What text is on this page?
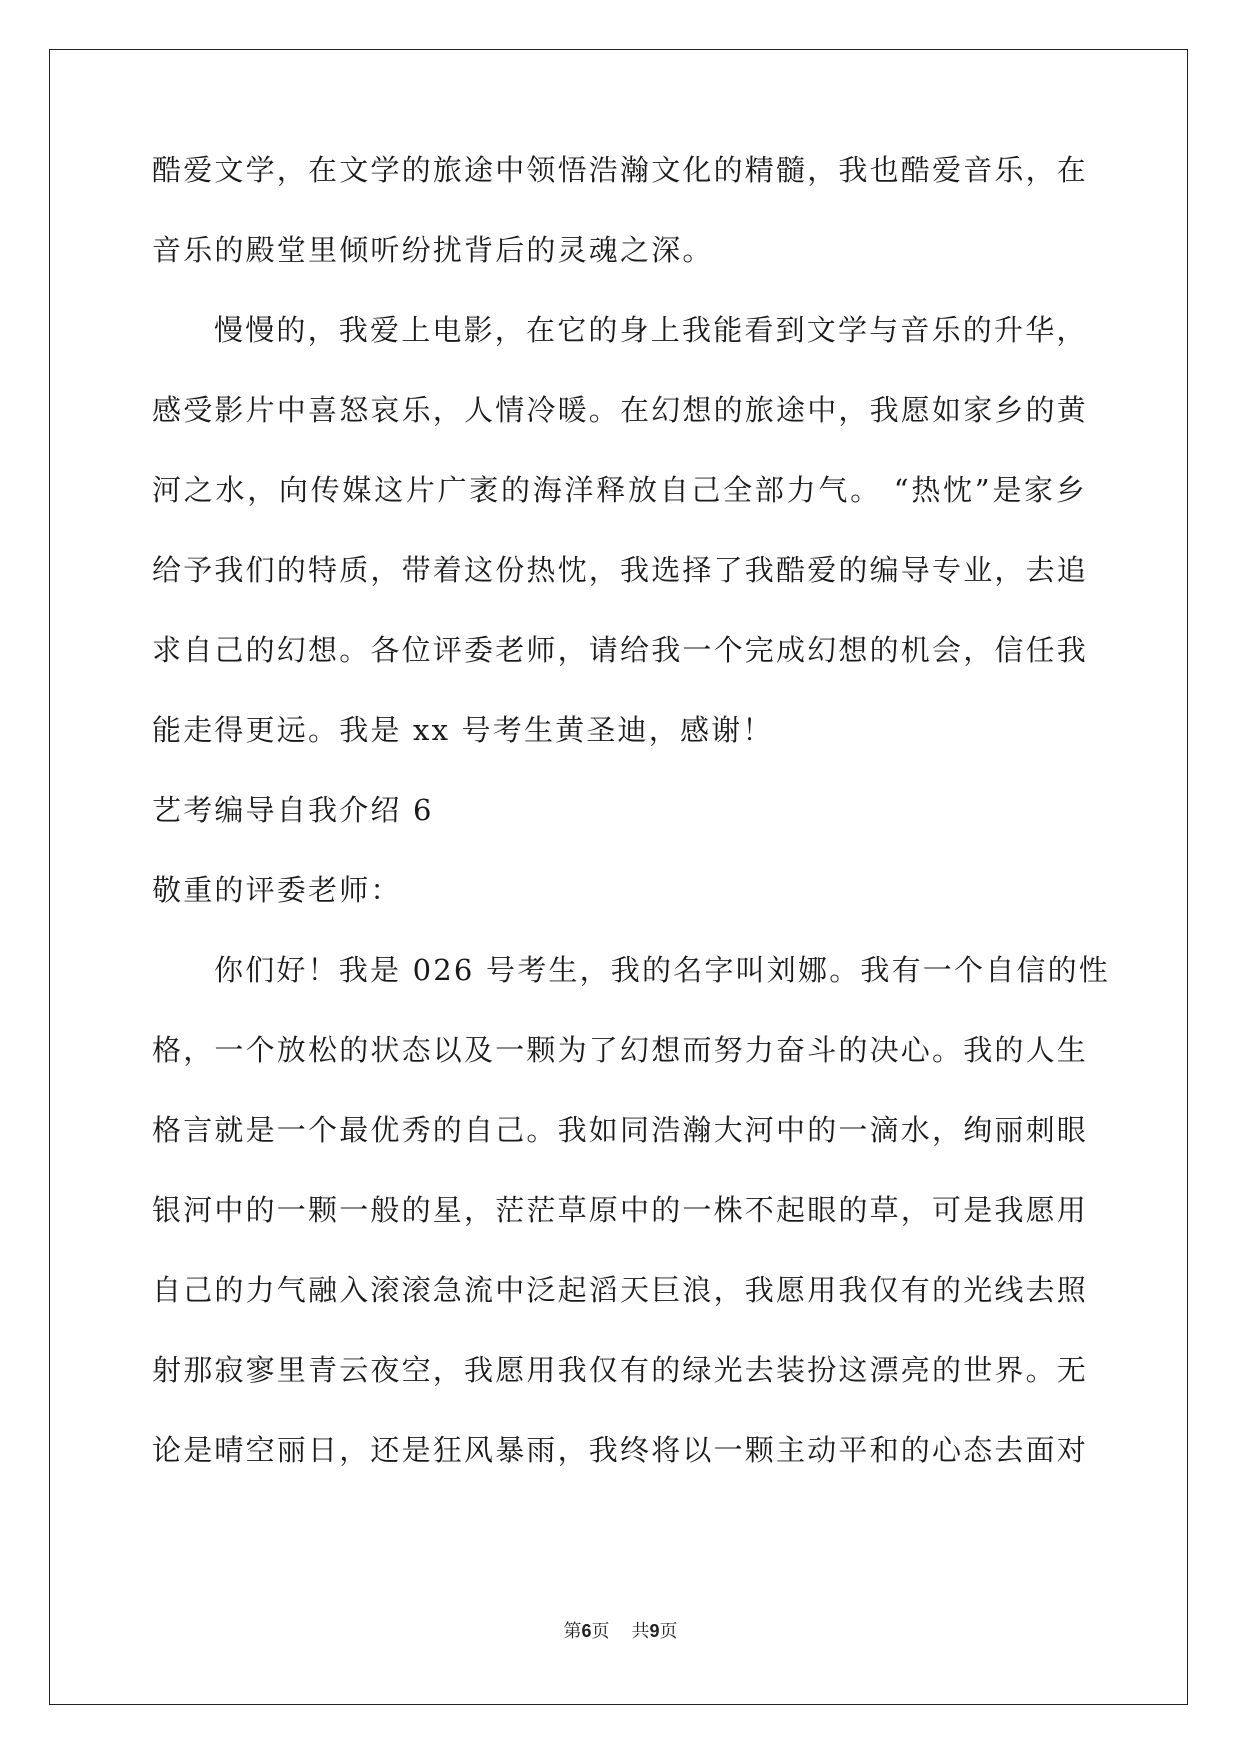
酷爱文学，在文学的旅途中领悟浩瀚文化的精髓，我也酷爱音乐，在
音乐的殿堂里倾听纷扰背后的灵魂之深。
慢慢的，我爱上电影，在它的身上我能看到文学与音乐的升华，
感受影片中喜怒哀乐，人情冷暖。在幻想的旅途中，我愿如家乡的黄
河之水，向传媒这片广袤的海洋释放自己全部力气。 “热忱”是家乡
给予我们的特质，带着这份热忱，我选择了我酷爱的编导专业，去追
求自己的幻想。各位评委老师，请给我一个完成幻想的机会，信任我
能走得更远。我是 xx 号考生黄圣迪，感谢！
艺考编导自我介绍 6
敬重的评委老师：
你们好！我是 026 号考生，我的名字叫刘娜。我有一个自信的性
格，一个放松的状态以及一颗为了幻想而努力奋斗的决心。我的人生
格言就是一个最优秀的自己。我如同浩瀚大河中的一滴水，绚丽刺眼
银河中的一颗一般的星，茫茫草原中的一株不起眼的草，可是我愿用
自己的力气融入滚滚急流中泛起滔天巨浪，我愿用我仅有的光线去照
射那寂寥里青云夜空，我愿用我仅有的绿光去装扮这漂亮的世界。无
论是晴空丽日，还是狂风暴雨，我终将以一颗主动平和的心态去面对
第6页 共9页
